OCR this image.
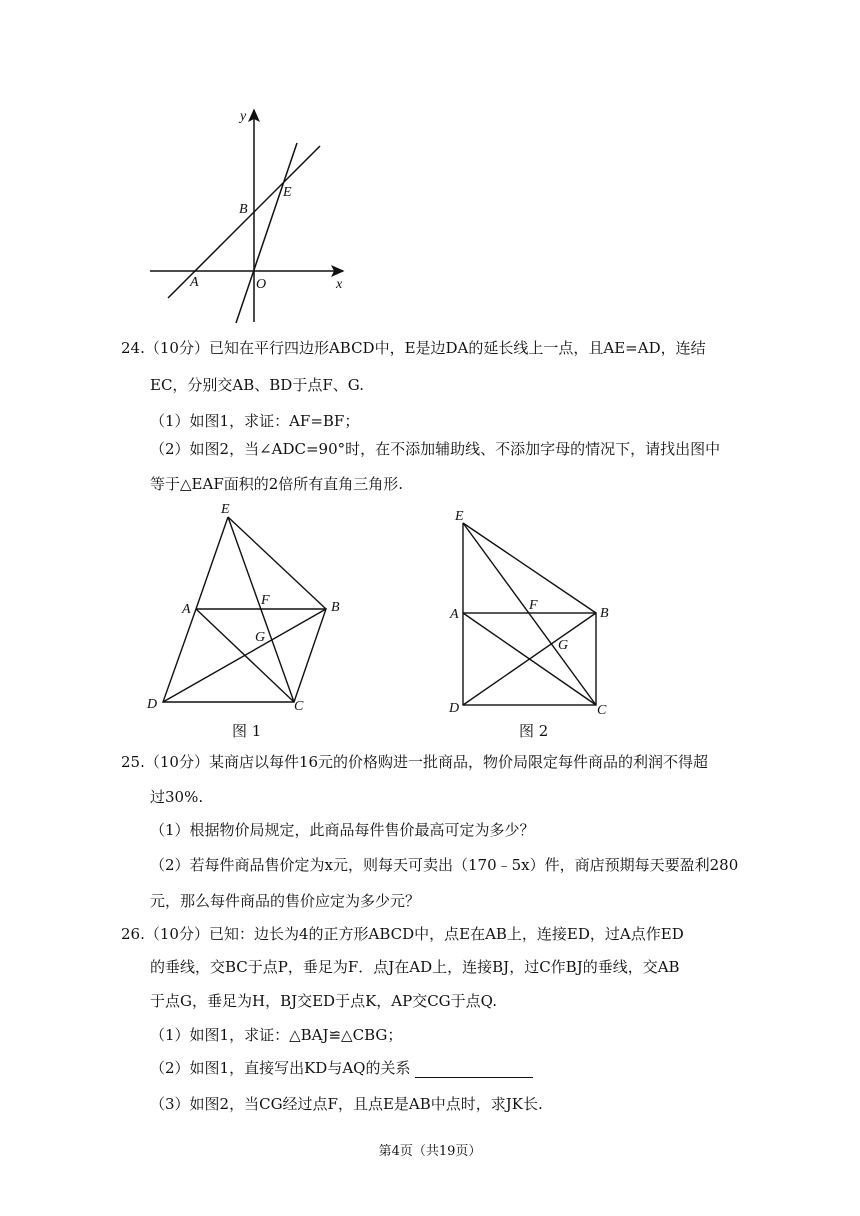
y
x
B
E
A	O
24.（10分）已知在平行四边形ABCD中，E是边DA的延长线上一点，且AE=AD，连结
EC，分别交AB、BD于点F、G.
（1）如图1，求证：AF=BF；
（2）如图2，当∠ADC=90°时，在不添加辅助线、不添加字母的情况下，请找出图中
等于△EAF面积的2倍所有直角三角形.
E
A
F	B
G
D	C
图 1
E
A
F
B
G
D	C
图 2
25.（10分）某商店以每件16元的价格购进一批商品，物价局限定每件商品的利润不得超
过30%.
（1）根据物价局规定，此商品每件售价最高可定为多少？
（2）若每件商品售价定为x元，则每天可卖出（170﹣5x）件，商店预期每天要盈利280
元，那么每件商品的售价应定为多少元？
26.（10分）已知：边长为4的正方形ABCD中，点E在AB上，连接ED，过A点作ED
的垂线，交BC于点P，垂足为F．点J在AD上，连接BJ，过C作BJ的垂线，交AB
于点G，垂足为H，BJ交ED于点K，AP交CG于点Q.
（1）如图1，求证：△BAJ≌△CBG；
（2）如图1，直接写出KD与AQ的关系
（3）如图2，当CG经过点F，且点E是AB中点时，求JK长.
第4页（共19页）
